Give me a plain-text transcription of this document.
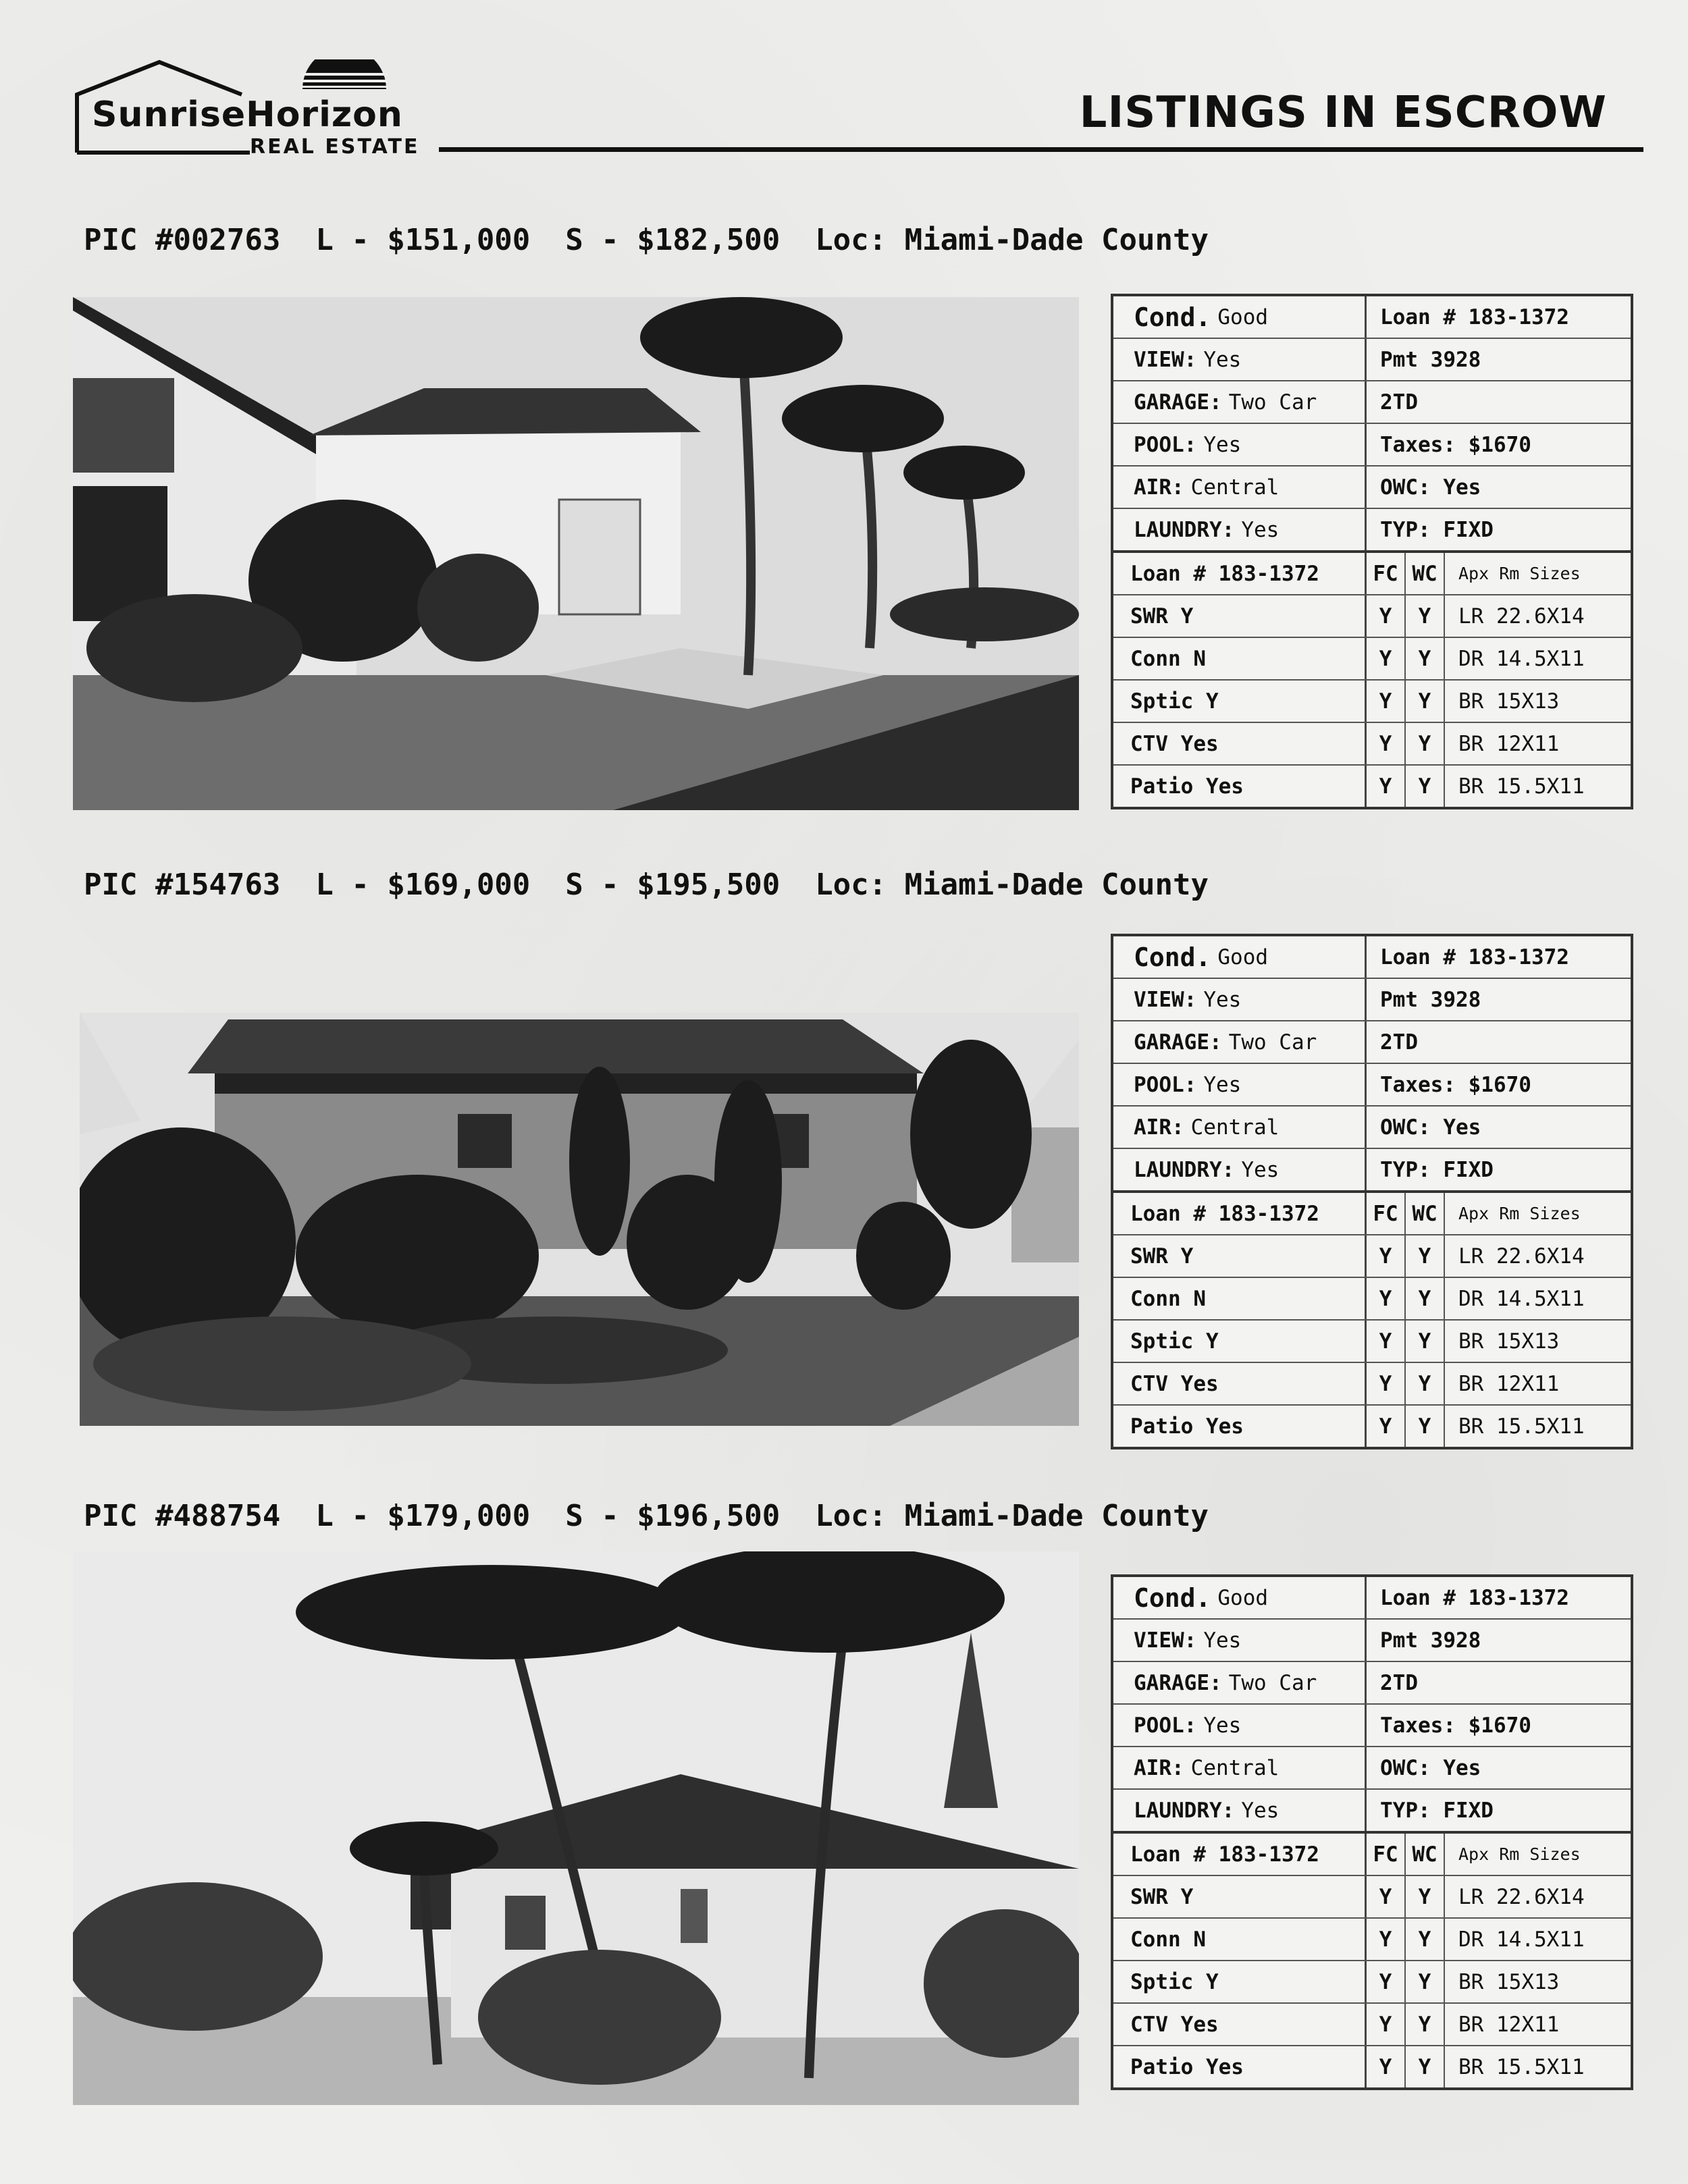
SunriseHorizon
REAL ESTATE
LISTINGS IN ESCROW
PIC #002763 L - $151,000 S - $182,500 Loc: Miami-Dade County
Cond. Good	Loan # 183-1372
VIEW: Yes	Pmt 3928
GARAGE: Two Car	2TD
POOL: Yes	Taxes: $1670
AIR: Central	OWC: Yes
LAUNDRY: Yes	TYP: FIXD
Loan # 183-1372	FC WC	Apx Rm Sizes
SWR Y	Y	Y	LR 22.6X14
Conn N	Y	Y	DR 14.5X11
Sptic Y	Y	Y	BR 15X13
CTV Yes	Y	Y	BR 12X11
Patio Yes	Y	Y	BR 15.5X11
PIC #154763 L - $169,000 S - $195,500 Loc: Miami-Dade County
Cond. Good	Loan # 183-1372
VIEW: Yes	Pmt 3928
GARAGE: Two Car	2TD
POOL: Yes	Taxes: $1670
AIR: Central	OWC: Yes
LAUNDRY: Yes	TYP: FIXD
Loan # 183-1372	FC WC	Apx Rm Sizes
SWR Y	Y	Y	LR 22.6X14
Conn N	Y	Y	DR 14.5X11
Sptic Y	Y	Y	BR 15X13
CTV Yes	Y	Y	BR 12X11
Patio Yes	Y	Y	BR 15.5X11
PIC #488754 L - $179,000 S - $196,500 Loc: Miami-Dade County
Cond. Good	Loan # 183-1372
VIEW: Yes	Pmt 3928
GARAGE: Two Car	2TD
POOL: Yes	Taxes: $1670
AIR: Central	OWC: Yes
LAUNDRY: Yes	TYP: FIXD
Loan # 183-1372	FC WC	Apx Rm Sizes
SWR Y	Y	Y	LR 22.6X14
Conn N	Y	Y	DR 14.5X11
Sptic Y	Y	Y	BR 15X13
CTV Yes	Y	Y	BR 12X11
Patio Yes	Y	Y	BR 15.5X11
